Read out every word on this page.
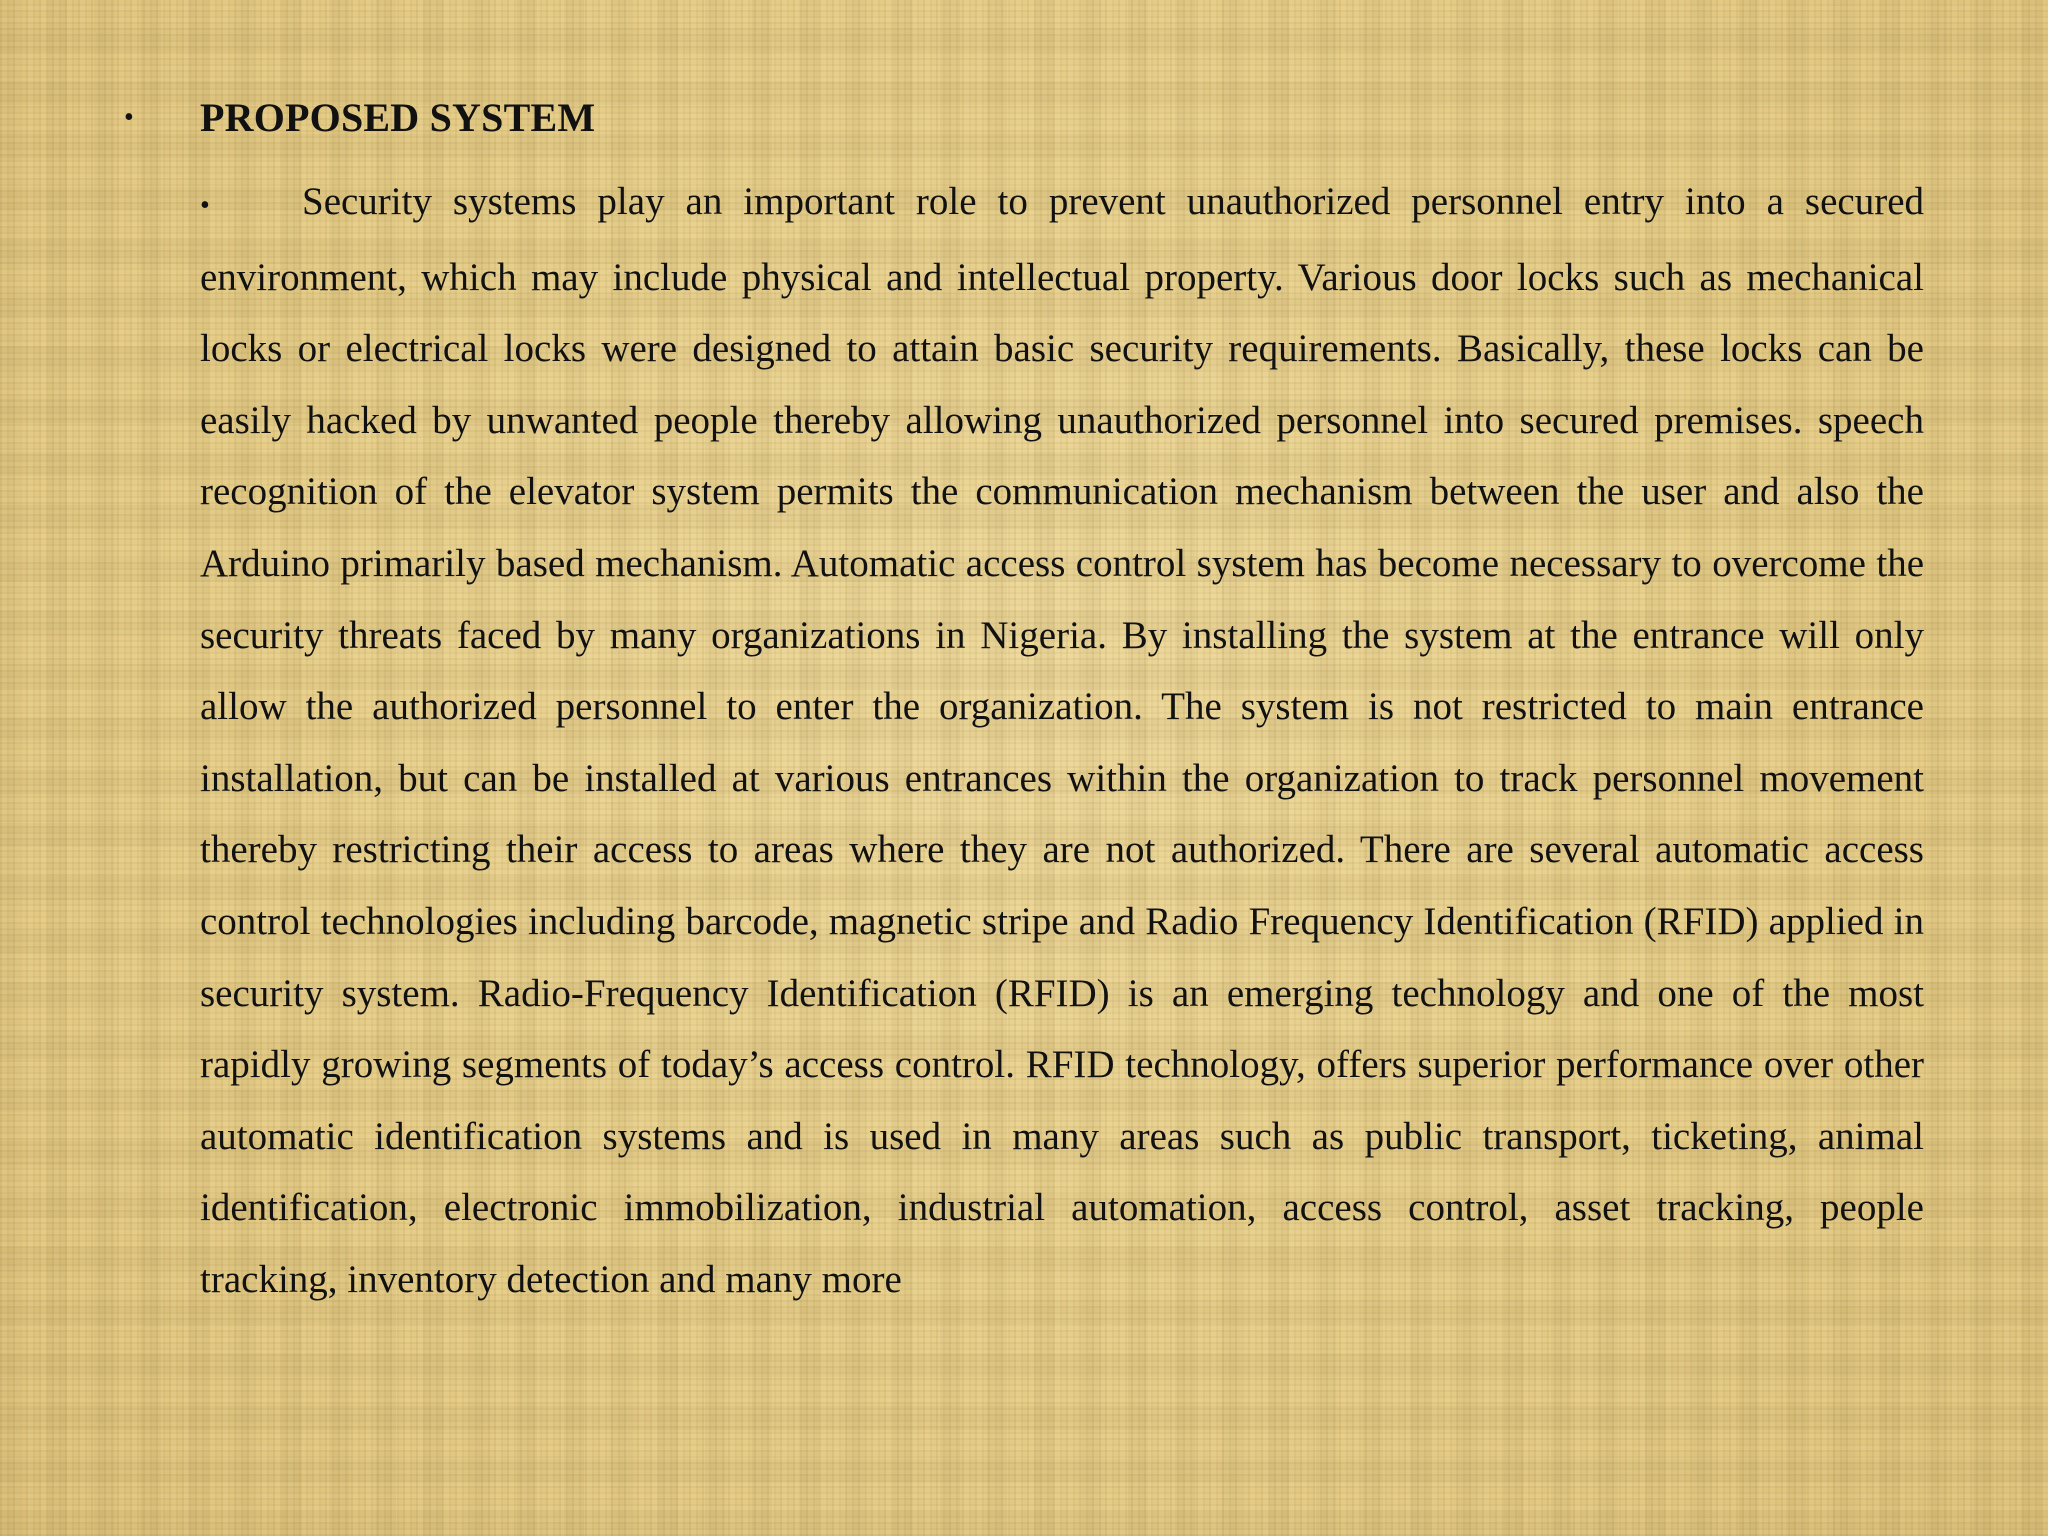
•	PROPOSED SYSTEM
• Security systems play an important role to prevent unauthorized personnel entry into a secured environment, which may include physical and intellectual property. Various door locks such as mechanical locks or electrical locks were designed to attain basic security requirements. Basically, these locks can be easily hacked by unwanted people thereby allowing unauthorized personnel into secured premises. speech recognition of the elevator system permits the communication mechanism between the user and also the Arduino primarily based mechanism. Automatic access control system has become necessary to overcome the security threats faced by many organizations in Nigeria. By installing the system at the entrance will only allow the authorized personnel to enter the organization. The system is not restricted to main entrance installation, but can be installed at various entrances within the organization to track personnel movement thereby restricting their access to areas where they are not authorized. There are several automatic access control technologies including barcode, magnetic stripe and Radio Frequency Identification (RFID) applied in security system. Radio-Frequency Identification (RFID) is an emerging technology and one of the most rapidly growing segments of today’s access control. RFID technology, offers superior performance over other automatic identification systems and is used in many areas such as public transport, ticketing, animal identification, electronic immobilization, industrial automation, access control, asset tracking, people tracking, inventory detection and many more
